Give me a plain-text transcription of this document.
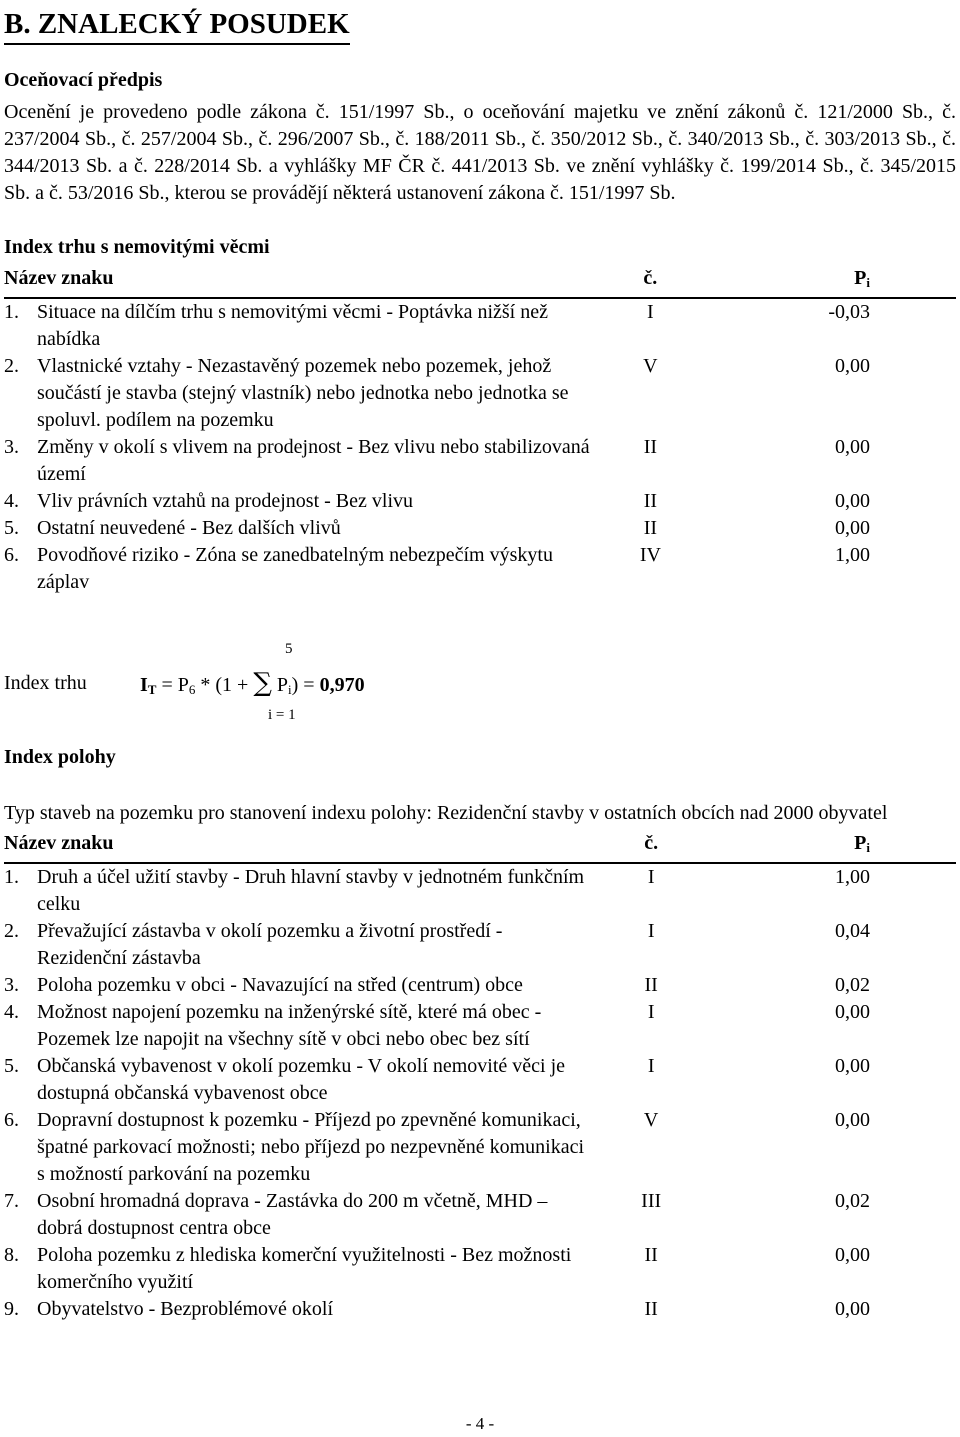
B. ZNALECKÝ POSUDEK
Oceňovací předpis
Ocenění je provedeno podle zákona č. 151/1997 Sb., o oceňování majetku ve znění zákonů č. 121/2000 Sb., č. 237/2004 Sb., č. 257/2004 Sb., č. 296/2007 Sb., č. 188/2011 Sb., č. 350/2012 Sb., č. 340/2013 Sb., č. 303/2013 Sb., č. 344/2013 Sb. a č. 228/2014 Sb. a vyhlášky MF ČR č. 441/2013 Sb. ve znění vyhlášky č. 199/2014 Sb., č. 345/2015 Sb. a č. 53/2016 Sb., kterou se provádějí některá ustanovení zákona č. 151/1997 Sb.
Index trhu s nemovitými věcmi
Název znaku	č.	$P_i$

1. Situace na dílčím trhu s nemovitými věcmi - Poptávka nižší než nabídka	I	-0,03

2. Vlastnické vztahy - Nezastavěný pozemek nebo pozemek, jehož součástí je stavba (stejný vlastník) nebo jednotka nebo jednotka se spoluvl. podílem na pozemku	V	0,00

3. Změny v okolí s vlivem na prodejnost - Bez vlivu nebo stabilizovaná území	II	0,00

4. Vliv právních vztahů na prodejnost - Bez vlivu	II	0,00

5. Ostatní neuvedené - Bez dalších vlivů	II	0,00

6. Povodňové riziko - Zóna se zanedbatelným nebezpečím výskytu záplav	IV	1,00
Index trhu
5
$I_T = P_6 * (1$ + ∑ $P_i) = 0,970$
i = 1
Index polohy
Typ staveb na pozemku pro stanovení indexu polohy: Rezidenční stavby v ostatních obcích nad 2000 obyvatel
Název znaku	č.	$P_i$

1. Druh a účel užití stavby - Druh hlavní stavby v jednotném funkčním celku	I	1,00

2. Převažující zástavba v okolí pozemku a životní prostředí - Rezidenční zástavba	I	0,04

3. Poloha pozemku v obci - Navazující na střed (centrum) obce	II	0,02

4. Možnost napojení pozemku na inženýrské sítě, které má obec - Pozemek lze napojit na všechny sítě v obci nebo obec bez sítí	I	0,00

5. Občanská vybavenost v okolí pozemku - V okolí nemovité věci je dostupná občanská vybavenost obce	I	0,00

6. Dopravní dostupnost k pozemku - Příjezd po zpevněné komunikaci, špatné parkovací možnosti; nebo příjezd po nezpevněné komunikaci s možností parkování na pozemku	V	0,00

7. Osobní hromadná doprava - Zastávka do 200 m včetně, MHD – dobrá dostupnost centra obce	III	0,02

8. Poloha pozemku z hlediska komerční využitelnosti - Bez možnosti komerčního využití	II	0,00

9. Obyvatelstvo - Bezproblémové okolí	II	0,00
- 4 -
